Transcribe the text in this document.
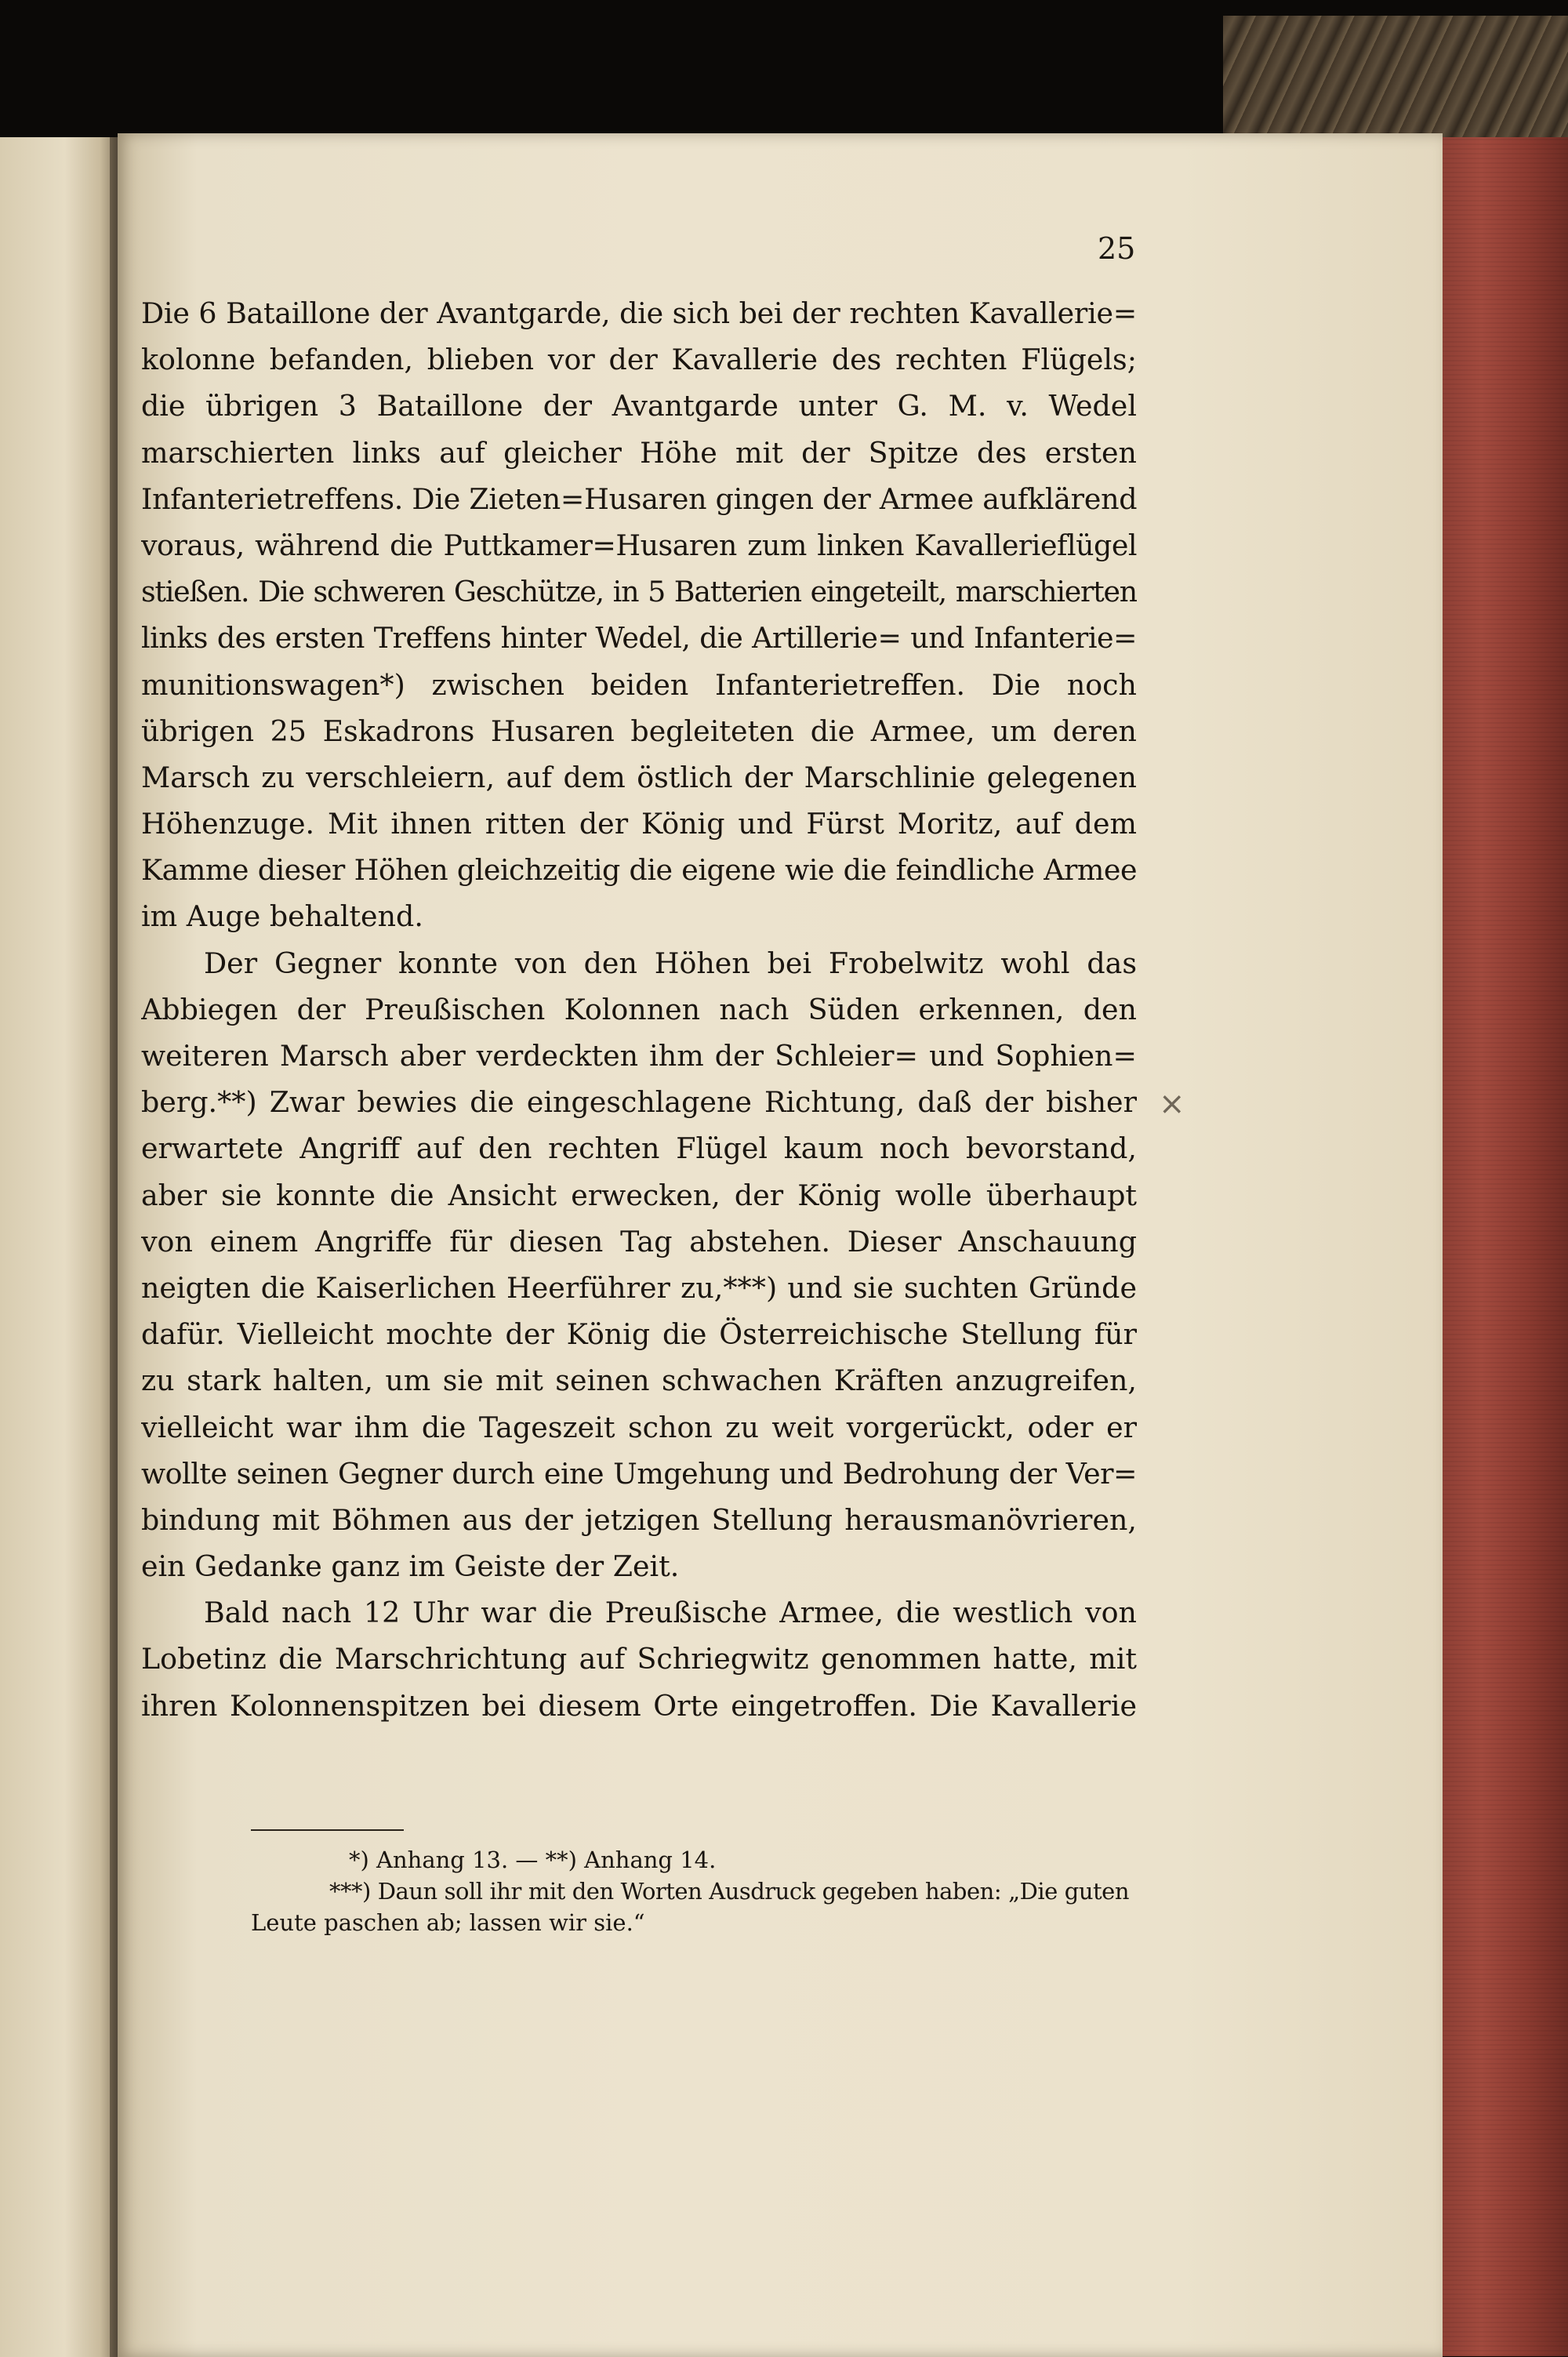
25
Die 6 Bataillone der Avantgarde, die sich bei der rechten Kavallerie=
kolonne befanden, blieben vor der Kavallerie des rechten Flügels;
die übrigen 3 Bataillone der Avantgarde unter G. M. v. Wedel
marschierten links auf gleicher Höhe mit der Spitze des ersten
Infanterietreffens. Die Zieten=Husaren gingen der Armee aufklärend
voraus, während die Puttkamer=Husaren zum linken Kavallerieflügel
stießen. Die schweren Geschütze, in 5 Batterien eingeteilt, marschierten
links des ersten Treffens hinter Wedel, die Artillerie= und Infanterie=
munitionswagen*) zwischen beiden Infanterietreffen. Die noch
übrigen 25 Eskadrons Husaren begleiteten die Armee, um deren
Marsch zu verschleiern, auf dem östlich der Marschlinie gelegenen
Höhenzuge. Mit ihnen ritten der König und Fürst Moritz, auf dem
Kamme dieser Höhen gleichzeitig die eigene wie die feindliche Armee
im Auge behaltend.
Der Gegner konnte von den Höhen bei Frobelwitz wohl das
Abbiegen der Preußischen Kolonnen nach Süden erkennen, den
weiteren Marsch aber verdeckten ihm der Schleier= und Sophien=
berg.**) Zwar bewies die eingeschlagene Richtung, daß der bisher
erwartete Angriff auf den rechten Flügel kaum noch bevorstand,
aber sie konnte die Ansicht erwecken, der König wolle überhaupt
von einem Angriffe für diesen Tag abstehen. Dieser Anschauung
neigten die Kaiserlichen Heerführer zu,***) und sie suchten Gründe
dafür. Vielleicht mochte der König die Österreichische Stellung für
zu stark halten, um sie mit seinen schwachen Kräften anzugreifen,
vielleicht war ihm die Tageszeit schon zu weit vorgerückt, oder er
wollte seinen Gegner durch eine Umgehung und Bedrohung der Ver=
bindung mit Böhmen aus der jetzigen Stellung herausmanövrieren,
ein Gedanke ganz im Geiste der Zeit.
Bald nach 12 Uhr war die Preußische Armee, die westlich von
Lobetinz die Marschrichtung auf Schriegwitz genommen hatte, mit
ihren Kolonnenspitzen bei diesem Orte eingetroffen. Die Kavallerie
×
*) Anhang 13. — **) Anhang 14.
***) Daun soll ihr mit den Worten Ausdruck gegeben haben: „Die guten
Leute paschen ab; lassen wir sie.“
